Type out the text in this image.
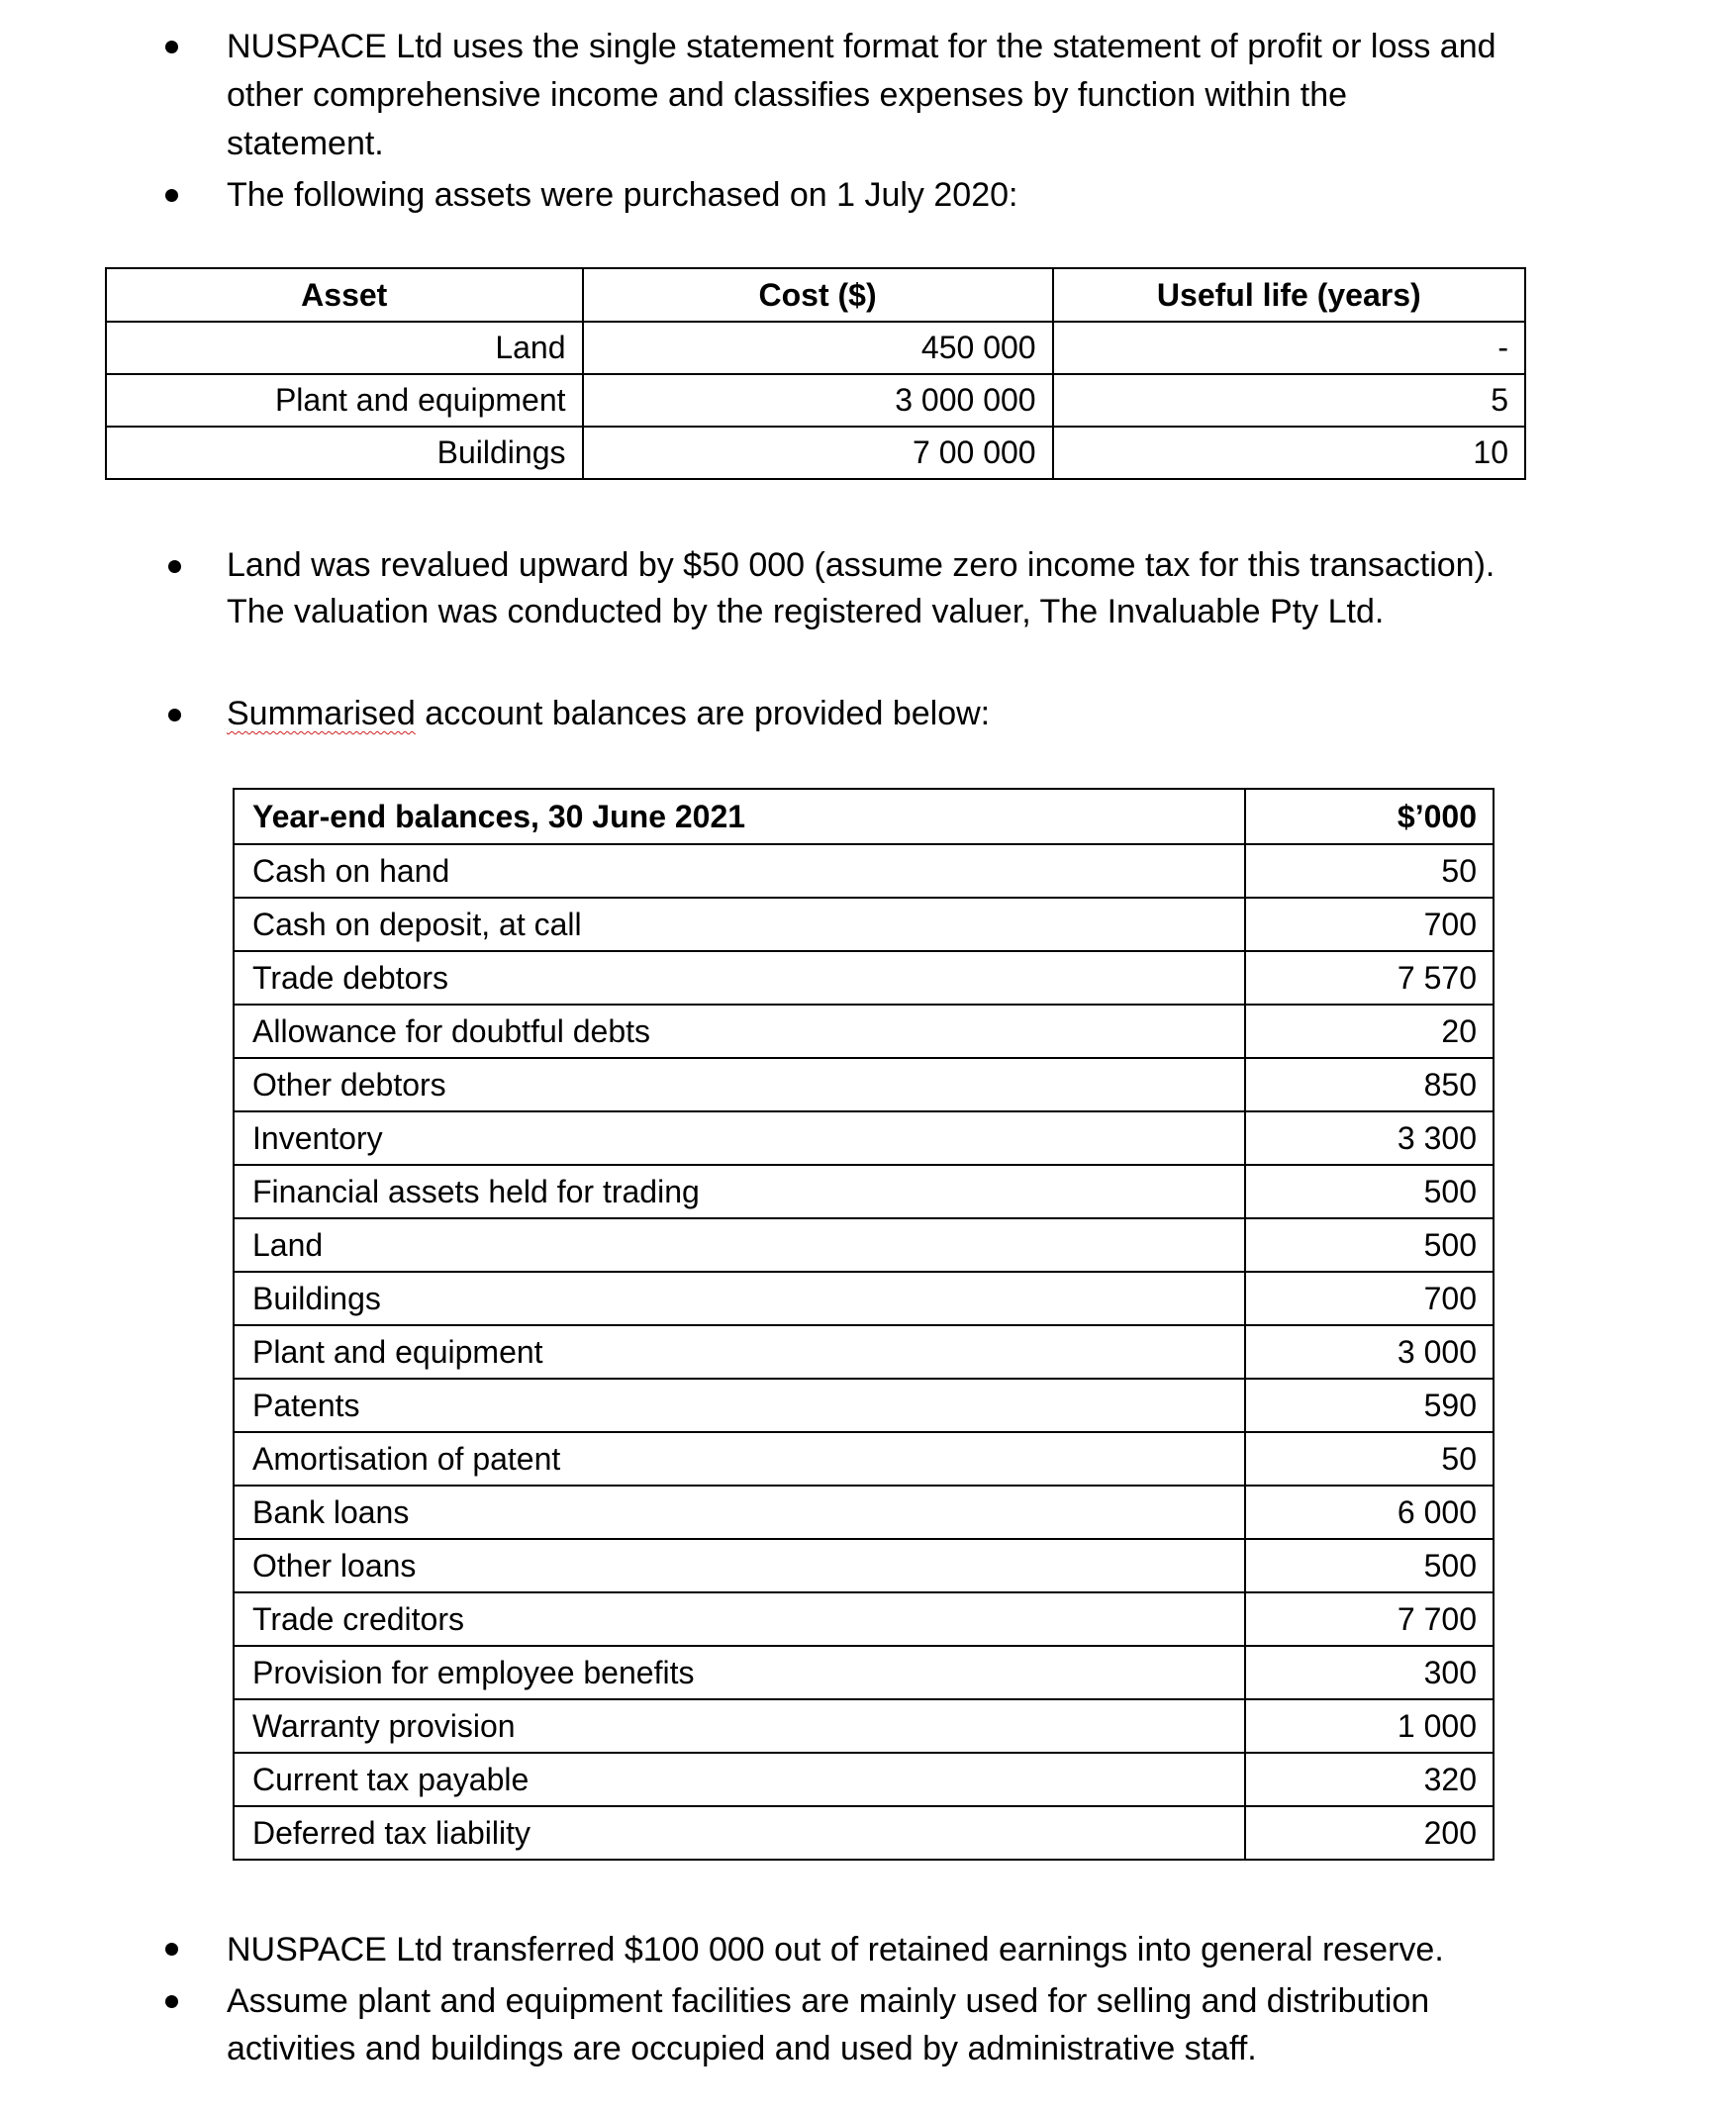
NUSPACE Ltd uses the single statement format for the statement of profit or loss and
other comprehensive income and classifies expenses by function within the
statement.
The following assets were purchased on 1 July 2020:
Asset	Cost ($)	Useful life (years)
Land	450 000	-
Plant and equipment	3 000 000	5
Buildings	7 00 000	10
Land was revalued upward by $50 000 (assume zero income tax for this transaction).
The valuation was conducted by the registered valuer, The Invaluable Pty Ltd.
Summarised account balances are provided below:
Year-end balances, 30 June 2021	$’000
Cash on hand	50
Cash on deposit, at call	700
Trade debtors	7 570
Allowance for doubtful debts	20
Other debtors	850
Inventory	3 300
Financial assets held for trading	500
Land	500
Buildings	700
Plant and equipment	3 000
Patents	590
Amortisation of patent	50
Bank loans	6 000
Other loans	500
Trade creditors	7 700
Provision for employee benefits	300
Warranty provision	1 000
Current tax payable	320
Deferred tax liability	200
NUSPACE Ltd transferred $100 000 out of retained earnings into general reserve.
Assume plant and equipment facilities are mainly used for selling and distribution
activities and buildings are occupied and used by administrative staff.
